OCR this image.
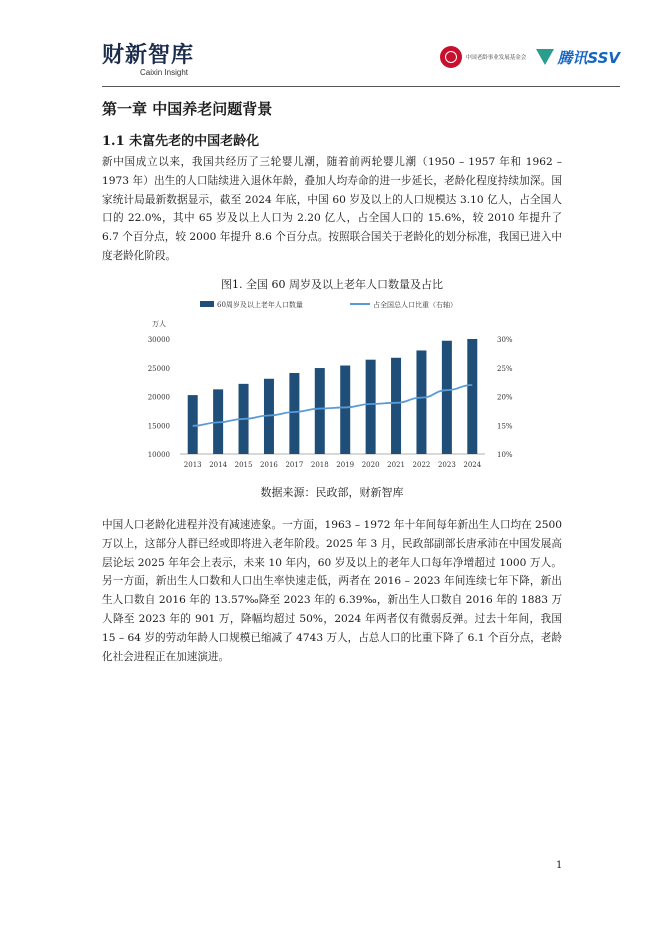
财新智库
Caixin Insight
中国老龄事业发展基金会 腾讯SSV
第一章 中国养老问题背景
1.1 未富先老的中国老龄化

新中国成立以来，我国共经历了三轮婴儿潮，随着前两轮婴儿潮（1950 – 1957 年和 1962 – 1973 年）出生的人口陆续进入退休年龄，叠加人均寿命的进一步延长，老龄化程度持续加深。国家统计局最新数据显示，截至 2024 年底，中国 60 岁及以上的人口规模达 3.10 亿人，占全国人口的 22.0%，其中 65 岁及以上人口为 2.20 亿人，占全国人口的 15.6%，较 2010 年提升了 6.7 个百分点，较 2000 年提升 8.6 个百分点。按照联合国关于老龄化的划分标准，我国已进入中度老龄化阶段。

图1. 全国 60 周岁及以上老年人口数量及占比
60周岁及以上老年人口数量	占全国总人口比重（右轴）
万人
10000
15000
20000
25000
30000
10%
15%
20%
25%
30%
2013 2014 2015 2016 2017 2018 2019 2020 2021 2022 2023 2024
数据来源：民政部，财新智库

中国人口老龄化进程并没有减速迹象。一方面，1963 – 1972 年十年间每年新出生人口均在 2500 万以上，这部分人群已经或即将进入老年阶段。2025 年 3 月，民政部副部长唐承沛在中国发展高层论坛 2025 年年会上表示，未来 10 年内，60 岁及以上的老年人口每年净增超过 1000 万人。另一方面，新出生人口数和人口出生率快速走低，两者在 2016 – 2023 年间连续七年下降，新出生人口数自 2016 年的 13.57‰降至 2023 年的 6.39‰，新出生人口数自 2016 年的 1883 万人降至 2023 年的 901 万，降幅均超过 50%，2024 年两者仅有微弱反弹。过去十年间，我国 15 – 64 岁的劳动年龄人口规模已缩减了 4743 万人，占总人口的比重下降了 6.1 个百分点，老龄化社会进程正在加速演进。

1
